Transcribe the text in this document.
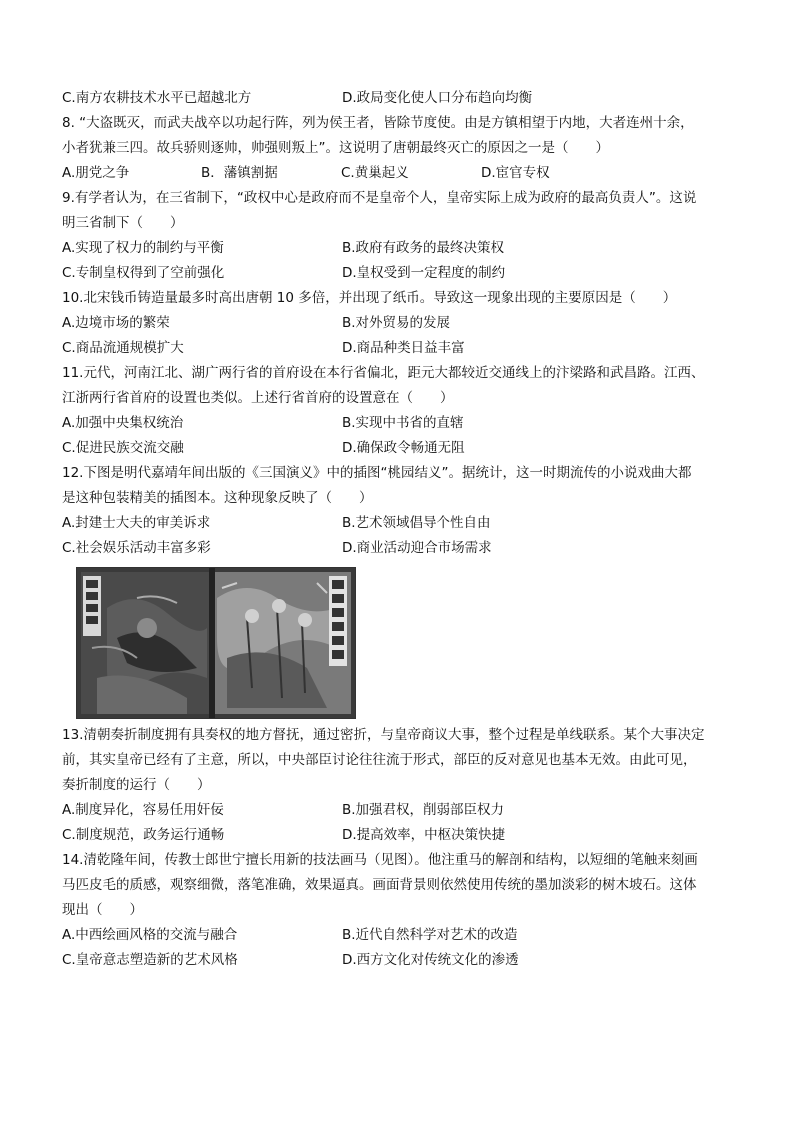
C.南方农耕技术水平已超越北方	D.政局变化使人口分布趋向均衡
8. “大盗既灭，而武夫战卒以功起行阵，列为侯王者，皆除节度使。由是方镇相望于内地，大者连州十余，
小者犹兼三四。故兵骄则逐帅，帅强则叛上”。这说明了唐朝最终灭亡的原因之一是（　　）
A.朋党之争	B．藩镇割据	C.黄巢起义	D.宦官专权
9.有学者认为，在三省制下，“政权中心是政府而不是皇帝个人，皇帝实际上成为政府的最高负责人”。这说
明三省制下（　　）
A.实现了权力的制约与平衡	B.政府有政务的最终决策权
C.专制皇权得到了空前强化	D.皇权受到一定程度的制约
10.北宋钱币铸造量最多时高出唐朝 10 多倍，并出现了纸币。导致这一现象出现的主要原因是（　　）
A.边境市场的繁荣	B.对外贸易的发展
C.商品流通规模扩大	D.商品种类日益丰富
11.元代，河南江北、湖广两行省的首府设在本行省偏北，距元大都较近交通线上的汴梁路和武昌路。江西、
江浙两行省首府的设置也类似。上述行省首府的设置意在（　　）
A.加强中央集权统治	B.实现中书省的直辖
C.促进民族交流交融	D.确保政令畅通无阻
12.下图是明代嘉靖年间出版的《三国演义》中的插图“桃园结义”。据统计，这一时期流传的小说戏曲大都
是这种包装精美的插图本。这种现象反映了（　　）
A.封建士大夫的审美诉求	B.艺术领域倡导个性自由
C.社会娱乐活动丰富多彩	D.商业活动迎合市场需求
13.清朝奏折制度拥有具奏权的地方督抚，通过密折，与皇帝商议大事，整个过程是单线联系。某个大事决定
前，其实皇帝已经有了主意，所以，中央部臣讨论往往流于形式，部臣的反对意见也基本无效。由此可见，
奏折制度的运行（　　）
A.制度异化，容易任用奸佞	B.加强君权，削弱部臣权力
C.制度规范，政务运行通畅	D.提高效率，中枢决策快捷
14.清乾隆年间，传教士郎世宁擅长用新的技法画马（见图）。他注重马的解剖和结构，以短细的笔触来刻画
马匹皮毛的质感，观察细微，落笔准确，效果逼真。画面背景则依然使用传统的墨加淡彩的树木坡石。这体
现出（　　）
A.中西绘画风格的交流与融合	B.近代自然科学对艺术的改造
C.皇帝意志塑造新的艺术风格	D.西方文化对传统文化的渗透
